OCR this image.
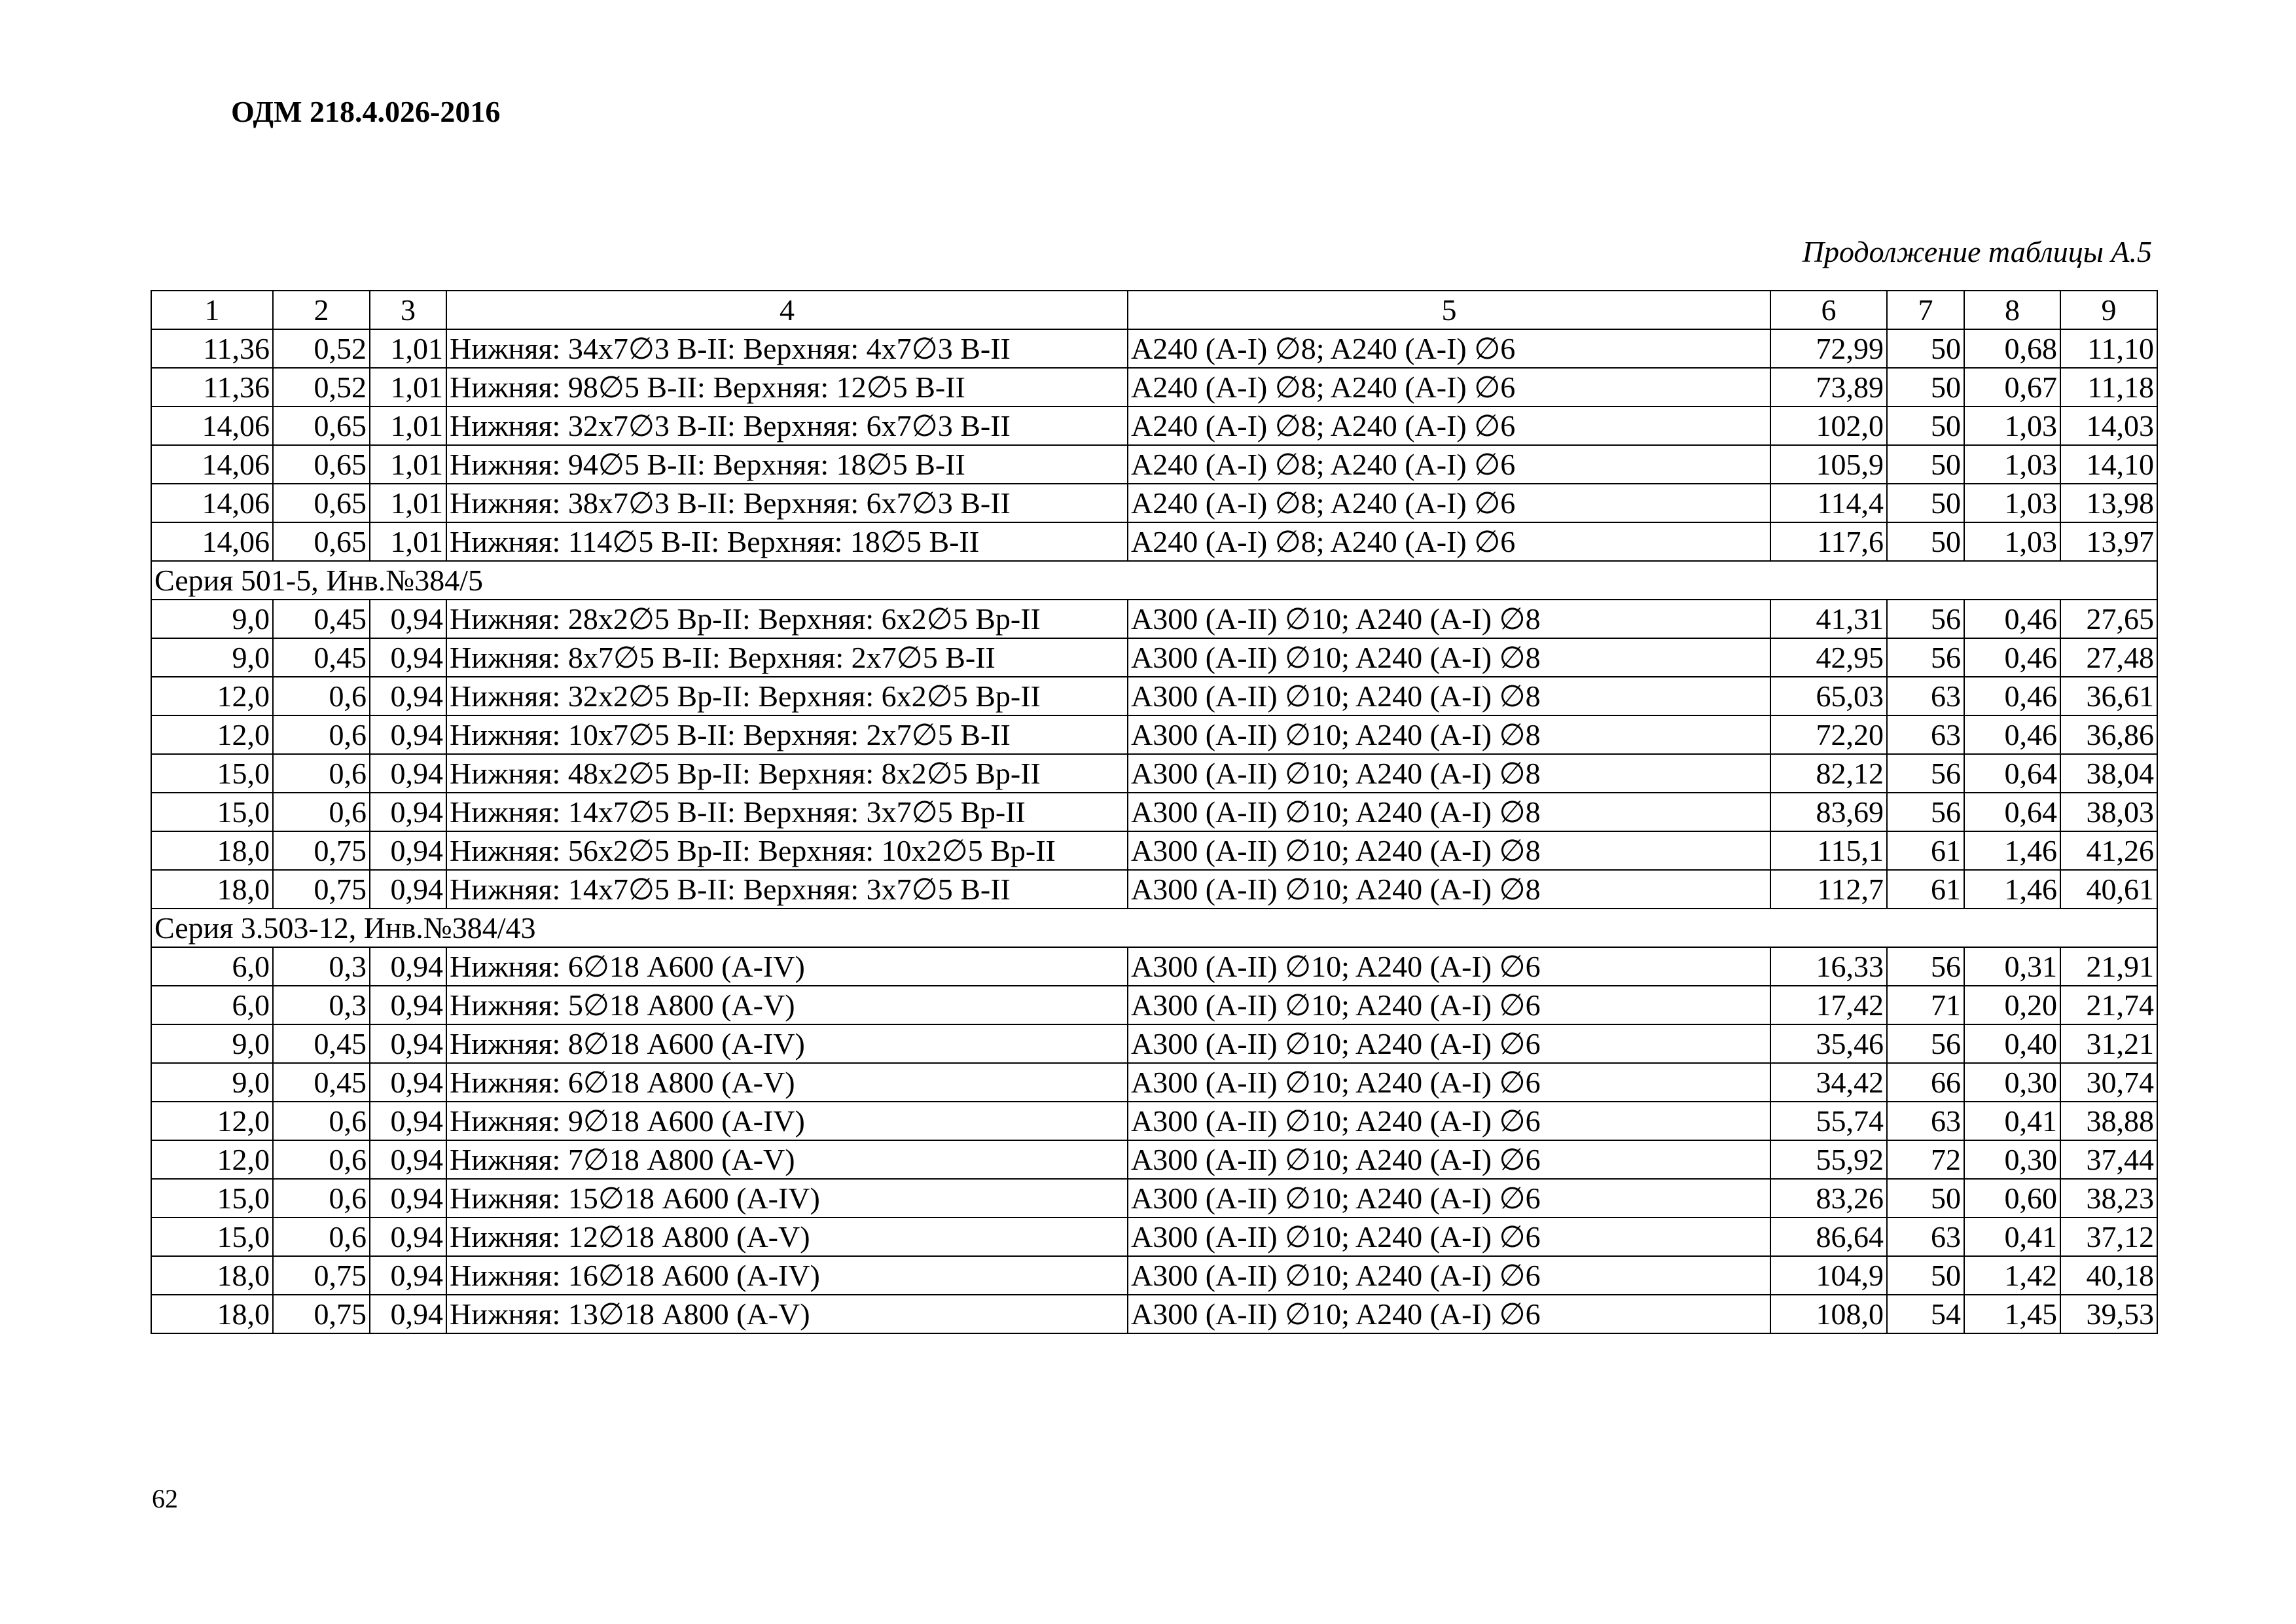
ОДМ 218.4.026-2016
Продолжение таблицы А.5
1	2	3	4	5	6	7	8	9
11,36	0,52	1,01	Нижняя: 34х7∅3 В-II: Верхняя: 4х7∅3 В-II	A240 (A-I) ∅8; A240 (A-I) ∅6	72,99	50	0,68	11,10
11,36	0,52	1,01	Нижняя: 98∅5 В-II: Верхняя: 12∅5 В-II	A240 (A-I) ∅8; A240 (A-I) ∅6	73,89	50	0,67	11,18
14,06	0,65	1,01	Нижняя: 32х7∅3 В-II: Верхняя: 6х7∅3 В-II	A240 (A-I) ∅8; A240 (A-I) ∅6	102,0	50	1,03	14,03
14,06	0,65	1,01	Нижняя: 94∅5 В-II: Верхняя: 18∅5 В-II	A240 (A-I) ∅8; A240 (A-I) ∅6	105,9	50	1,03	14,10
14,06	0,65	1,01	Нижняя: 38х7∅3 В-II: Верхняя: 6х7∅3 В-II	A240 (A-I) ∅8; A240 (A-I) ∅6	114,4	50	1,03	13,98
14,06	0,65	1,01	Нижняя: 114∅5 В-II: Верхняя: 18∅5 В-II	A240 (A-I) ∅8; A240 (A-I) ∅6	117,6	50	1,03	13,97
Серия 501-5, Инв.№384/5								
9,0	0,45	0,94	Нижняя: 28х2∅5 Вр-II: Верхняя: 6х2∅5 Вр-II	A300 (A-II) ∅10; A240 (A-I) ∅8	41,31	56	0,46	27,65
9,0	0,45	0,94	Нижняя: 8х7∅5 В-II: Верхняя: 2х7∅5 В-II	A300 (A-II) ∅10; A240 (A-I) ∅8	42,95	56	0,46	27,48
12,0	0,6	0,94	Нижняя: 32х2∅5 Вр-II: Верхняя: 6х2∅5 Вр-II	A300 (A-II) ∅10; A240 (A-I) ∅8	65,03	63	0,46	36,61
12,0	0,6	0,94	Нижняя: 10х7∅5 В-II: Верхняя: 2х7∅5 В-II	A300 (A-II) ∅10; A240 (A-I) ∅8	72,20	63	0,46	36,86
15,0	0,6	0,94	Нижняя: 48х2∅5 Вр-II: Верхняя: 8х2∅5 Вр-II	A300 (A-II) ∅10; A240 (A-I) ∅8	82,12	56	0,64	38,04
15,0	0,6	0,94	Нижняя: 14х7∅5 В-II: Верхняя: 3х7∅5 Вр-II	A300 (A-II) ∅10; A240 (A-I) ∅8	83,69	56	0,64	38,03
18,0	0,75	0,94	Нижняя: 56х2∅5 Вр-II: Верхняя: 10х2∅5 Вр-II	A300 (A-II) ∅10; A240 (A-I) ∅8	115,1	61	1,46	41,26
18,0	0,75	0,94	Нижняя: 14х7∅5 В-II: Верхняя: 3х7∅5 В-II	A300 (A-II) ∅10; A240 (A-I) ∅8	112,7	61	1,46	40,61
Серия 3.503-12, Инв.№384/43								
6,0	0,3	0,94	Нижняя: 6∅18 A600 (A-IV)	A300 (A-II) ∅10; A240 (A-I) ∅6	16,33	56	0,31	21,91
6,0	0,3	0,94	Нижняя: 5∅18 A800 (A-V)	A300 (A-II) ∅10; A240 (A-I) ∅6	17,42	71	0,20	21,74
9,0	0,45	0,94	Нижняя: 8∅18 A600 (A-IV)	A300 (A-II) ∅10; A240 (A-I) ∅6	35,46	56	0,40	31,21
9,0	0,45	0,94	Нижняя: 6∅18 A800 (A-V)	A300 (A-II) ∅10; A240 (A-I) ∅6	34,42	66	0,30	30,74
12,0	0,6	0,94	Нижняя: 9∅18 A600 (A-IV)	A300 (A-II) ∅10; A240 (A-I) ∅6	55,74	63	0,41	38,88
12,0	0,6	0,94	Нижняя: 7∅18 A800 (A-V)	A300 (A-II) ∅10; A240 (A-I) ∅6	55,92	72	0,30	37,44
15,0	0,6	0,94	Нижняя: 15∅18 A600 (A-IV)	A300 (A-II) ∅10; A240 (A-I) ∅6	83,26	50	0,60	38,23
15,0	0,6	0,94	Нижняя: 12∅18 A800 (A-V)	A300 (A-II) ∅10; A240 (A-I) ∅6	86,64	63	0,41	37,12
18,0	0,75	0,94	Нижняя: 16∅18 A600 (A-IV)	A300 (A-II) ∅10; A240 (A-I) ∅6	104,9	50	1,42	40,18
18,0	0,75	0,94	Нижняя: 13∅18 A800 (A-V)	A300 (A-II) ∅10; A240 (A-I) ∅6	108,0	54	1,45	39,53
62
